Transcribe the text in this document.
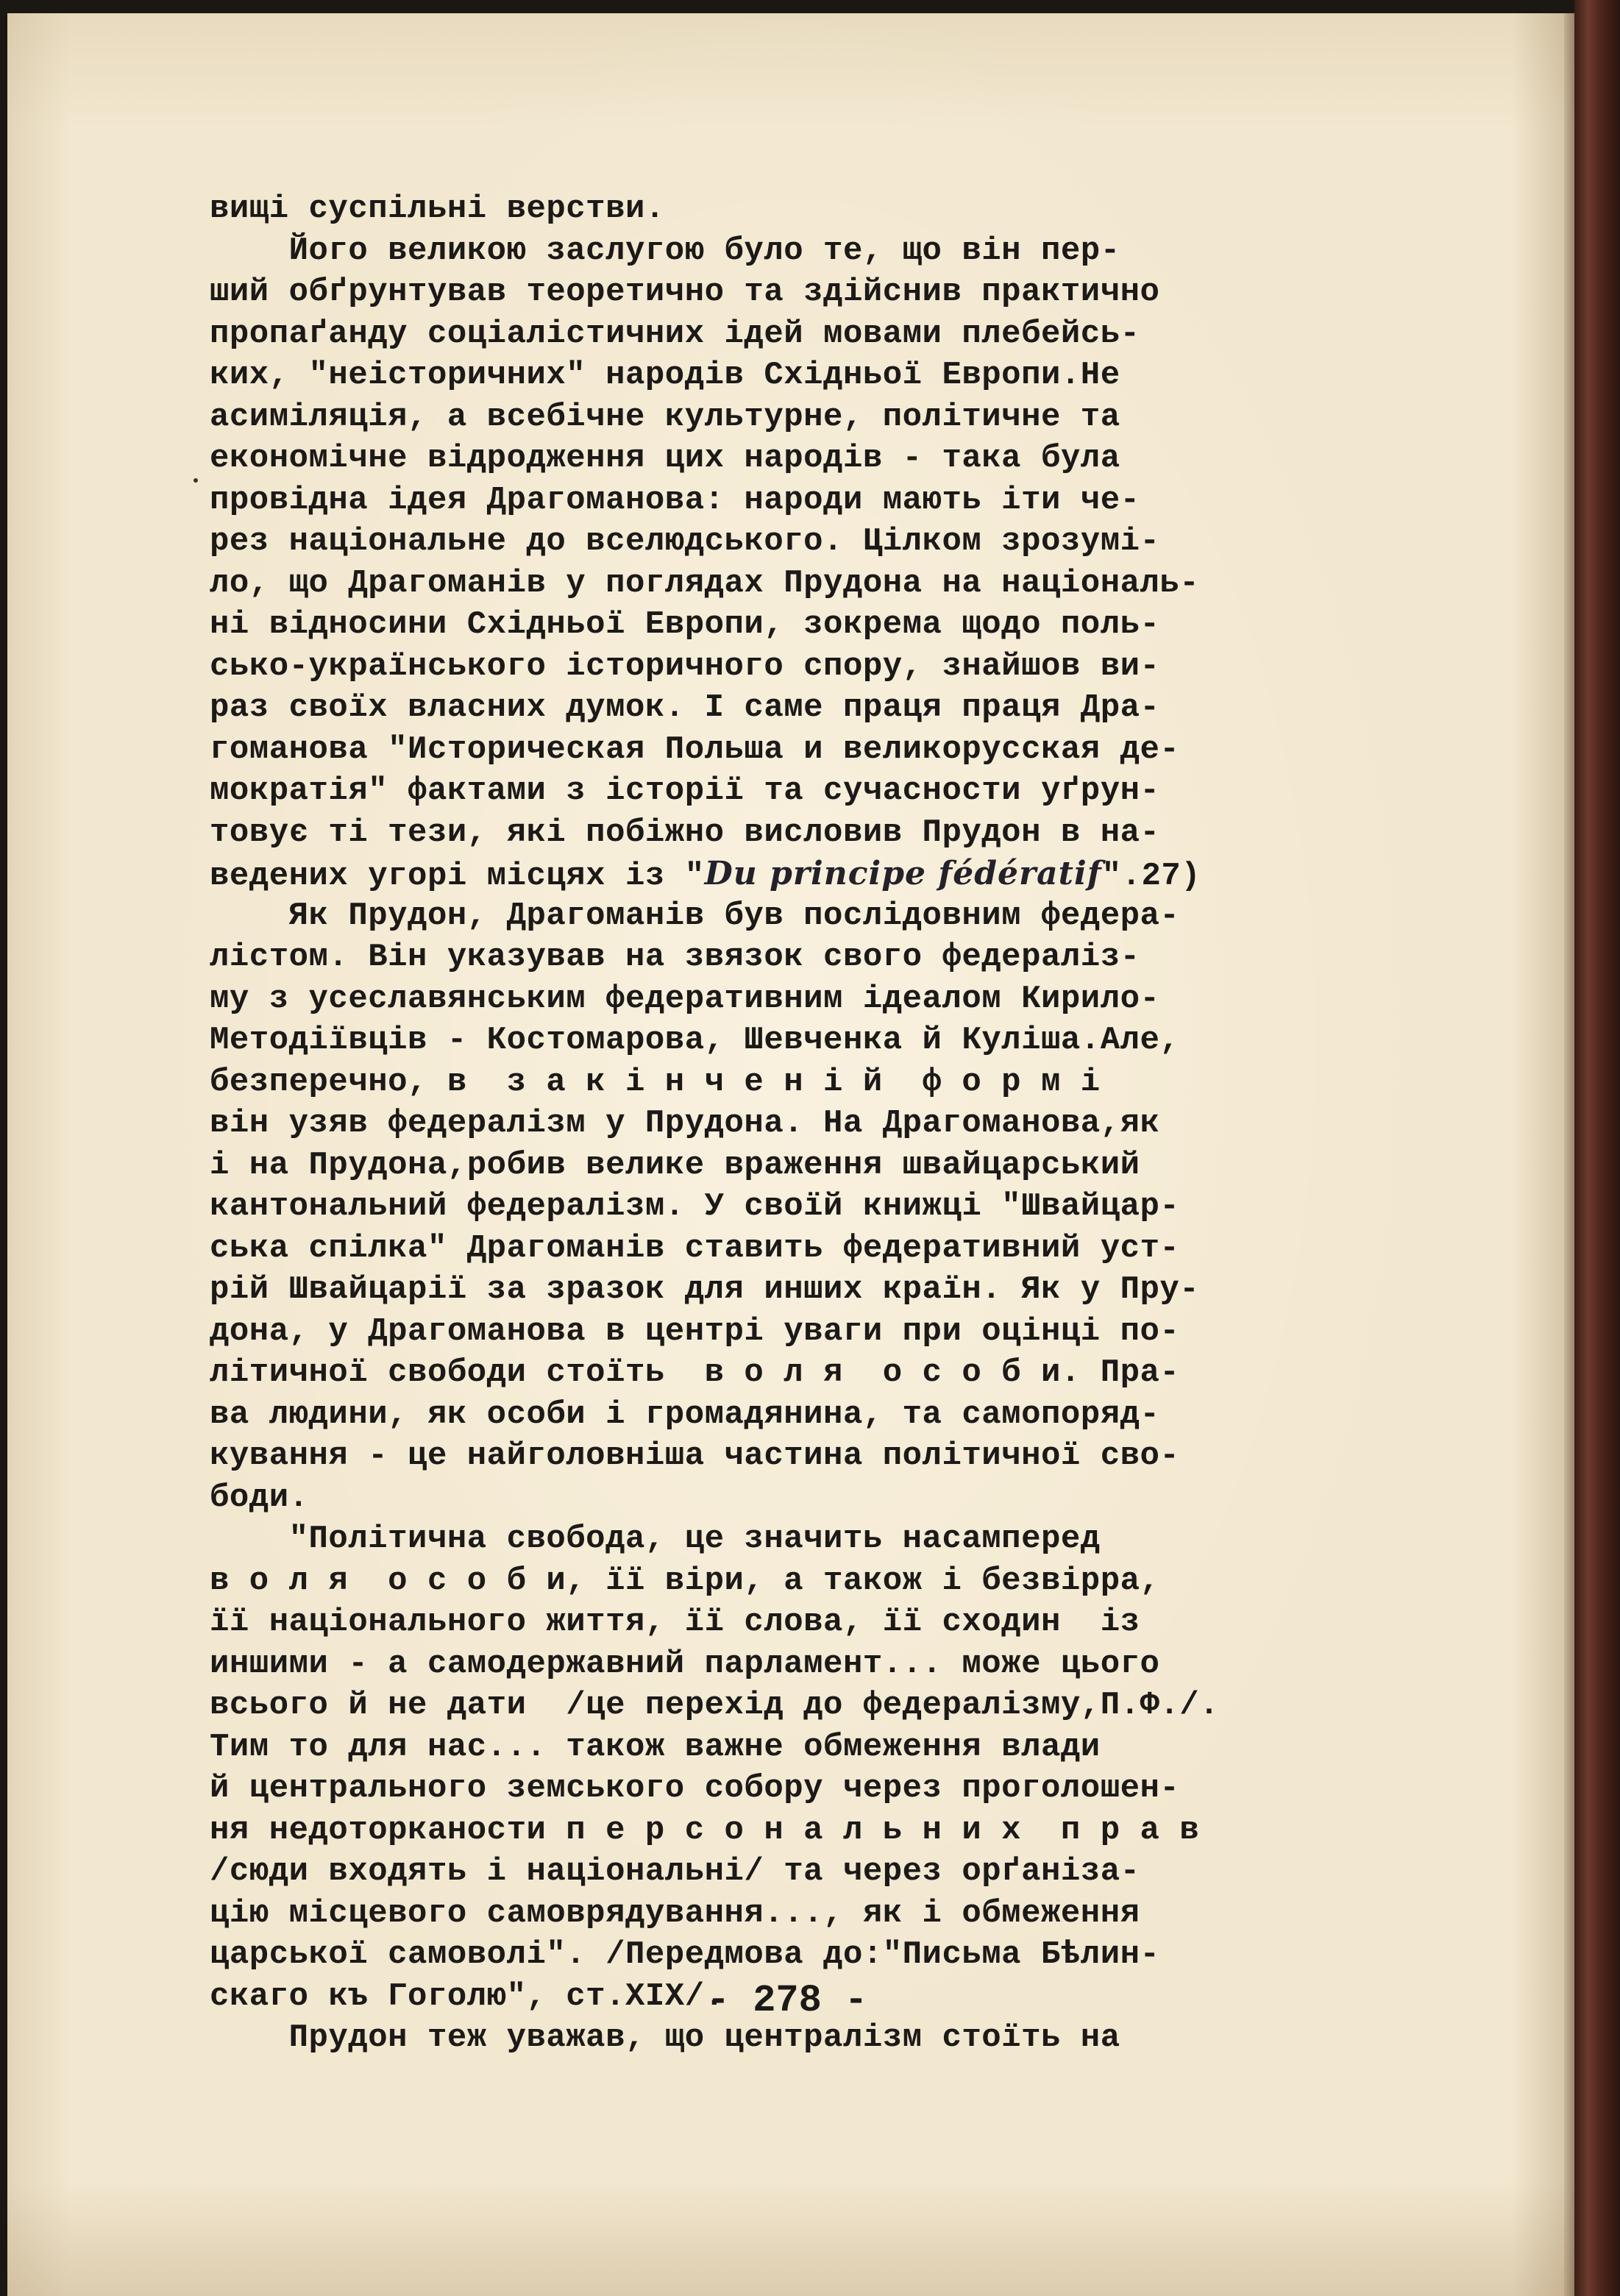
вищі суспільні верстви.
Його великою заслугою було те, що він пер-
ший обґрунтував теоретично та здійснив практично
пропаґанду соціалістичних ідей мовами плебейсь-
ких, "неісторичних" народів Східньої Европи.Не
асиміляція, а всебічне культурне, політичне та
економічне відродження цих народів - така була
провідна ідея Драгоманова: народи мають іти че-
рез національне до вселюдського. Цілком зрозумі-
ло, що Драгоманів у поглядах Прудона на національ-
ні відносини Східньої Европи, зокрема щодо поль-
сько-українського історичного спору, знайшов ви-
раз своїх власних думок. І саме праця праця Дра-
гоманова "Историческая Польша и великорусская де-
мократія" фактами з історії та сучасности уґрун-
товує ті тези, які побіжно висловив Прудон в на-
ведених угорі місцях із "Du principe fédératif".27)
Як Прудон, Драгоманів був послідовним федера-
лістом. Він указував на звязок свого федераліз-
му з усеславянським федеративним ідеалом Кирило-
Методіївців - Костомарова, Шевченка й Куліша.Але,
безперечно, в  з а к і н ч е н і й  ф о р м і
він узяв федералізм у Прудона. На Драгоманова,як
і на Прудона,робив велике враження швайцарський
кантональний федералізм. У своїй книжці "Швайцар-
ська спілка" Драгоманів ставить федеративний уст-
рій Швайцарії за зразок для инших країн. Як у Пру-
дона, у Драгоманова в центрі уваги при оцінці по-
літичної свободи стоїть  в о л я  о с о б и. Пра-
ва людини, як особи і громадянина, та самопоряд-
кування - це найголовніша частина політичної сво-
боди.
"Політична свобода, це значить насамперед
в о л я  о с о б и, її віри, а також і безвірра,
її національного життя, її слова, її сходин  із
иншими - а самодержавний парламент... може цього
всього й не дати  /це перехід до федералізму,П.Ф./.
Тим то для нас... також важне обмеження влади
й центрального земського собору через проголошен-
ня недоторканости п е р с о н а л ь н и х  п р а в
/сюди входять і національні/ та через орґаніза-
цію місцевого самоврядування..., як і обмеження
царської самоволі". /Передмова до:"Письма Бѣлин-
скаго къ Гоголю", ст.XIX/.
Прудон теж уважав, що централізм стоїть на
- 278 -
